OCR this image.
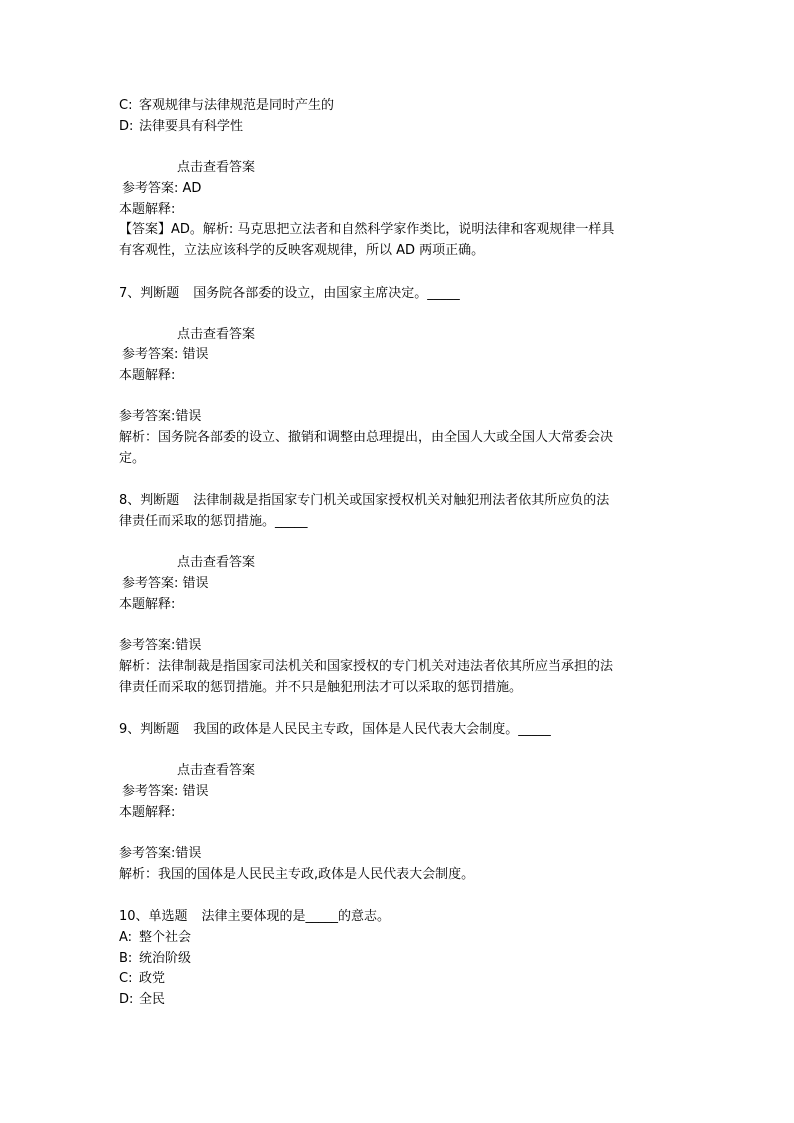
C: 客观规律与法律规范是同时产生的
D: 法律要具有科学性
点击查看答案
参考答案: AD
本题解释:
【答案】AD。解析: 马克思把立法者和自然科学家作类比，说明法律和客观规律一样具
有客观性，立法应该科学的反映客观规律，所以 AD 两项正确。
7、判断题 国务院各部委的设立，由国家主席决定。_____
点击查看答案
参考答案: 错误
本题解释:
参考答案:错误
解析：国务院各部委的设立、撤销和调整由总理提出，由全国人大或全国人大常委会决
定。
8、判断题 法律制裁是指国家专门机关或国家授权机关对触犯刑法者依其所应负的法
律责任而采取的惩罚措施。_____
点击查看答案
参考答案: 错误
本题解释:
参考答案:错误
解析：法律制裁是指国家司法机关和国家授权的专门机关对违法者依其所应当承担的法
律责任而采取的惩罚措施。并不只是触犯刑法才可以采取的惩罚措施。
9、判断题 我国的政体是人民民主专政，国体是人民代表大会制度。_____
点击查看答案
参考答案: 错误
本题解释:
参考答案:错误
解析：我国的国体是人民民主专政,政体是人民代表大会制度。
10、单选题 法律主要体现的是_____的意志。
A: 整个社会
B: 统治阶级
C: 政党
D: 全民
